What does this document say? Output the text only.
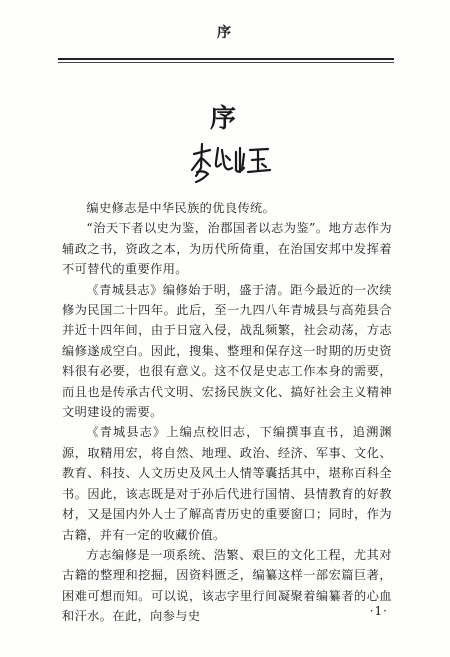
序
序

编史修志是中华民族的优良传统。

“治天下者以史为鉴，治郡国者以志为鉴”。地方志作为辅政之书，资政之本，为历代所倚重，在治国安邦中发挥着不可替代的重要作用。

《青城县志》编修始于明，盛于清。距今最近的一次续修为民国二十四年。此后，至一九四八年青城县与高苑县合并近十四年间，由于日寇入侵，战乱频繁，社会动荡，方志编修遂成空白。因此，搜集、整理和保存这一时期的历史资料很有必要，也很有意义。这不仅是史志工作本身的需要，而且也是传承古代文明、宏扬民族文化、搞好社会主义精神文明建设的需要。

《青城县志》上编点校旧志，下编撰事直书，追溯渊源，取精用宏，将自然、地理、政治、经济、军事、文化、教育、科技、人文历史及风土人情等囊括其中，堪称百科全书。因此，该志既是对于孙后代进行国情、县情教育的好教材，又是国内外人士了解高青历史的重要窗口；同时，作为古籍，并有一定的收藏价值。

方志编修是一项系统、浩繁、艰巨的文化工程，尤其对古籍的整理和挖掘，因资料匮乏，编纂这样一部宏篇巨著，困难可想而知。可以说，该志字里行间凝聚着编纂者的心血和汗水。在此，向参与史	·1·
